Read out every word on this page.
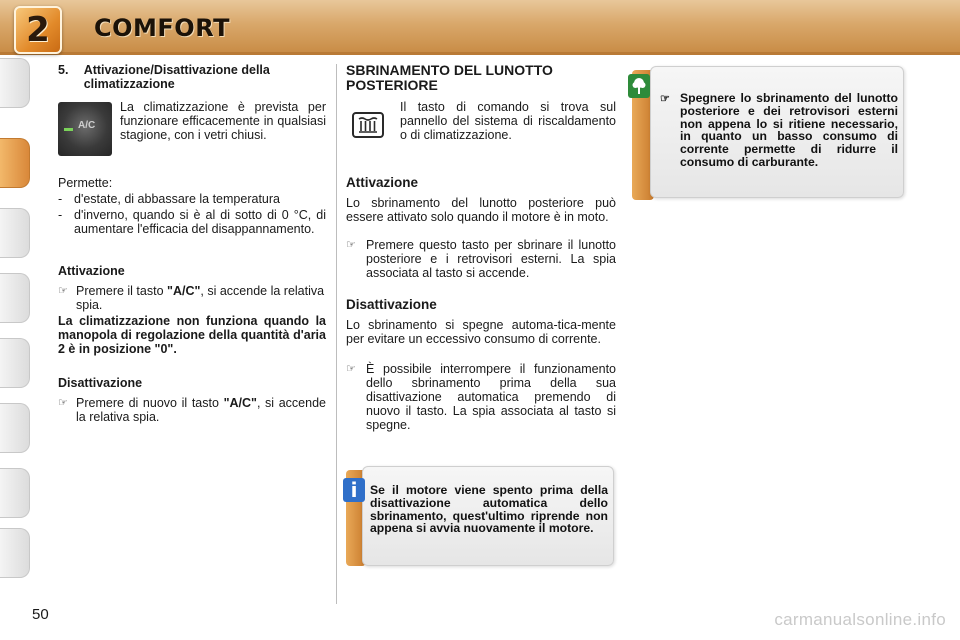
2	COMFORT
5.	Attivazione/Disattivazione della climatizzazione
A/C

La climatizzazione è prevista per funzionare efficacemente in qualsiasi stagione, con i vetri chiusi.

Permette:

- d'estate, di abbassare la temperatura
- d'inverno, quando si è al di sotto di 0 °C, di aumentare l'efficacia del disappannamento.
Attivazione
☞ Premere il tasto "A/C", si accende la relativa spia.

La climatizzazione non funziona quando la manopola di regolazione della quantità d'aria 2 è in posizione "0".

Disattivazione
☞ Premere di nuovo il tasto "A/C", si accende la relativa spia.
SBRINAMENTO DEL LUNOTTO POSTERIORE

Il tasto di comando si trova sul pannello del sistema di riscaldamento o di climatizzazione.

Attivazione

Lo sbrinamento del lunotto posteriore può essere attivato solo quando il motore è in moto.

☞ Premere questo tasto per sbrinare il lunotto posteriore e i retrovisori esterni. La spia associata al tasto si accende.
Disattivazione

Lo sbrinamento si spegne automa-tica-mente per evitare un eccessivo consumo di corrente.

☞ È possibile interrompere il funzionamento dello sbrinamento prima della sua disattivazione automatica premendo di nuovo il tasto. La spia associata al tasto si spegne.
☞ Spegnere lo sbrinamento del lunotto posteriore e dei retrovisori esterni non appena lo si ritiene necessario, in quanto un basso consumo di corrente permette di ridurre il consumo di carburante.
i	Se il motore viene spento prima della disattivazione automatica dello sbrinamento, quest'ultimo riprende non appena si avvia nuovamente il motore.

50	carmanualsonline.info
